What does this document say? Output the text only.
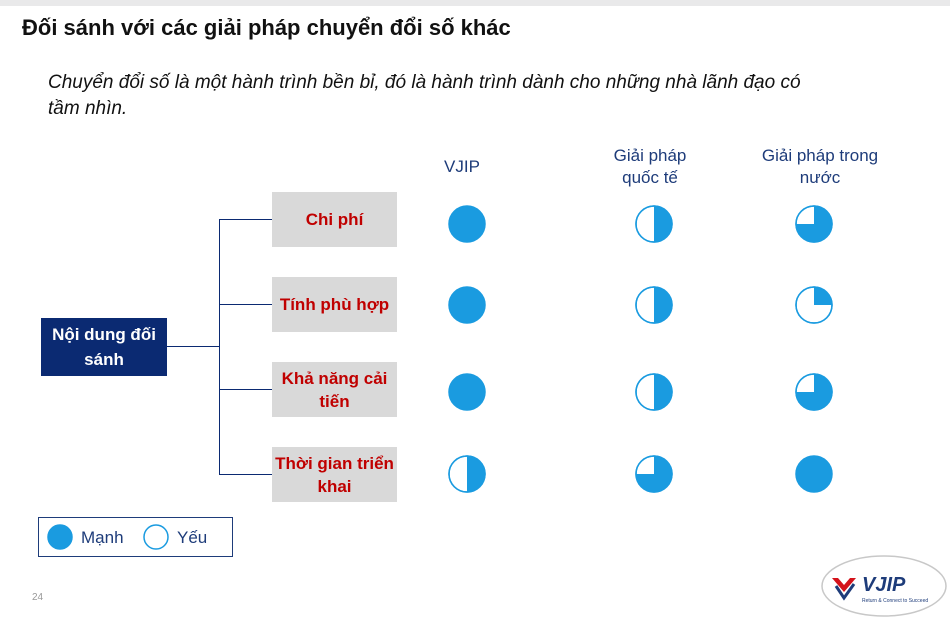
Đối sánh với các giải pháp chuyển đổi số khác
Chuyển đổi số là một hành trình bền bỉ, đó là hành trình dành cho những nhà lãnh đạo có tầm nhìn.
VJIP
Giải pháp quốc tế
Giải pháp trong nước
Nội dung đối sánh
Chi phí
Tính phù hợp
Khả năng cải tiến
Thời gian triển khai
Mạnh	Yếu
24
VJIP
Return & Connect to Succeed
